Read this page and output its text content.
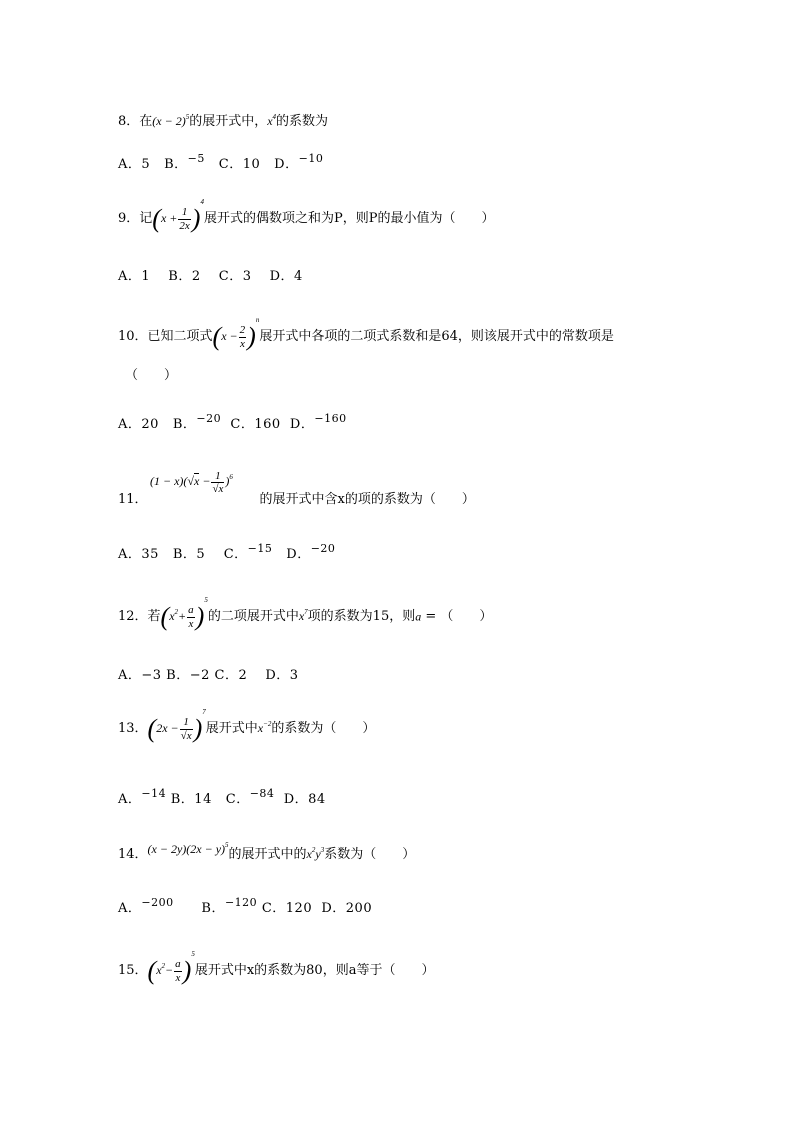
8．在$(x - 2)^5$的展开式中，$x^4$的系数为
A．5 B．$^{-5}$ C．10 D．$^{-10}$
9．记$(x + \frac{1}{2x} )^4$展开式的偶数项之和为P，则P的最小值为（　　）
A．1　 B．2　 C．3　 D．4
10．已知二项式$(x - \frac{2}{x} )^n$展开式中各项的二项式系数和是64，则该展开式中的常数项是
（　　）
A．20 B．$^{-20}$ C．160 D．$^{-160}$
$(1 - x)(√x - \frac{1}{√x} )^6$
11．	的展开式中含x的项的系数为（　　）
A．35 B．5 C．$^{-15}$ D．$^{-20}$
12．若$(x^2+ \frac{a}{x} )^5$的二项展开式中$x^7$项的系数为15，则a = （　　）
A．−3 B．−2 C．2　 D．3
13．$(2x - \frac{1}{√x} )^7$展开式中$x^{-2}$的系数为（　　）
A．$^{-14}$ B．14 C．$^{-84}$ D．84
14．$(x - 2y)(2x - y)^5$的展开式中的$x^2y^3$系数为（　　）
A．$^{-200}$ B．$^{-120}$ C．120 D．200
15．$(x^2- \frac{a}{x} )^5$展开式中x的系数为80，则a等于（　　）
